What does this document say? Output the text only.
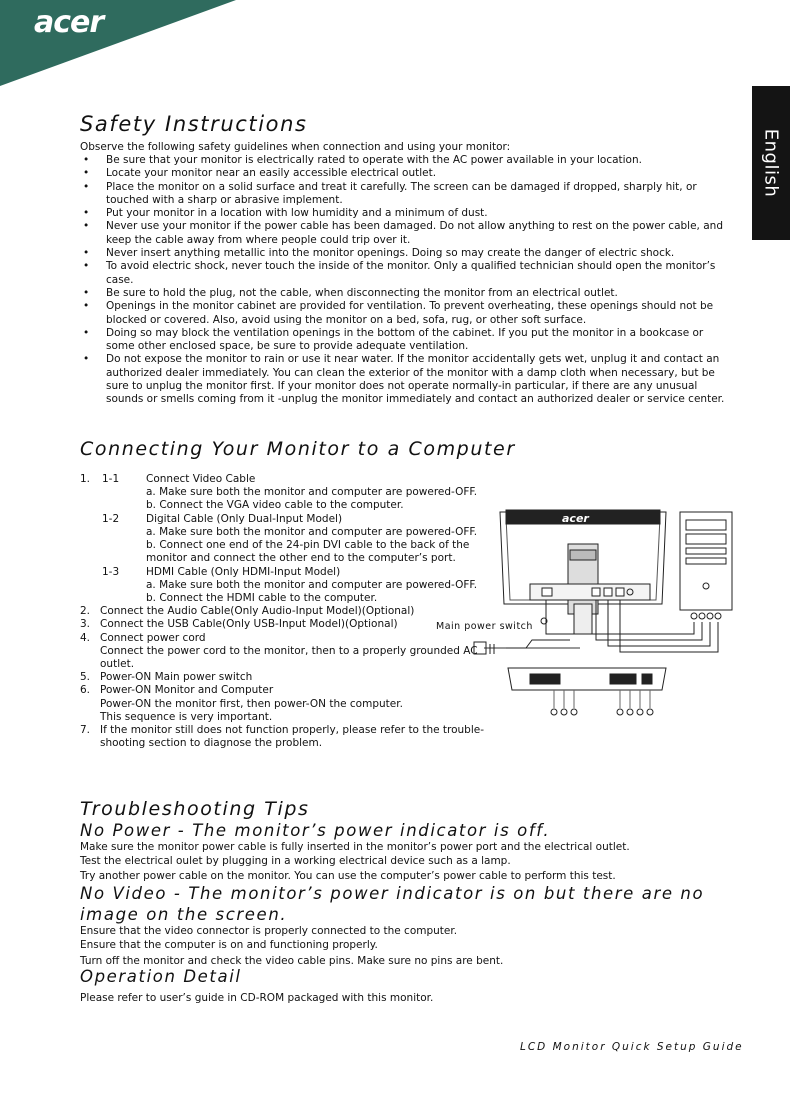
acer
English
Safety Instructions
Observe the following safety guidelines when connection and using your monitor:
• Be sure that your monitor is electrically rated to operate with the AC power available in your location.
• Locate your monitor near an easily accessible electrical outlet.
• Place the monitor on a solid surface and treat it carefully. The screen can be damaged if dropped, sharply hit, or touched with a sharp or abrasive implement.
• Put your monitor in a location with low humidity and a minimum of dust.
• Never use your monitor if the power cable has been damaged. Do not allow anything to rest on the power cable, and keep the cable away from where people could trip over it.
• Never insert anything metallic into the monitor openings. Doing so may create the danger of electric shock.
• To avoid electric shock, never touch the inside of the monitor. Only a qualified technician should open the monitor’s case.
• Be sure to hold the plug, not the cable, when disconnecting the monitor from an electrical outlet.
• Openings in the monitor cabinet are provided for ventilation. To prevent overheating, these openings should not be blocked or covered. Also, avoid using the monitor on a bed, sofa, rug, or other soft surface.
• Doing so may block the ventilation openings in the bottom of the cabinet. If you put the monitor in a bookcase or some other enclosed space, be sure to provide adequate ventilation.
• Do not expose the monitor to rain or use it near water. If the monitor accidentally gets wet, unplug it and contact an authorized dealer immediately. You can clean the exterior of the monitor with a damp cloth when necessary, but be sure to unplug the monitor first. If your monitor does not operate normally-in particular, if there are any unusual sounds or smells coming from it -unplug the monitor immediately and contact an authorized dealer or service center.
Connecting Your Monitor to a Computer
1. 1-1	Connect Video Cable
a. Make sure both the monitor and computer are powered-OFF.
b. Connect the VGA video cable to the computer.
1-2	Digital Cable (Only Dual-Input Model)
a. Make sure both the monitor and computer are powered-OFF.
b. Connect one end of the 24-pin DVI cable to the back of the
monitor and connect the other end to the computer’s port.
1-3	HDMI Cable (Only HDMI-Input Model)
a. Make sure both the monitor and computer are powered-OFF.
b. Connect the HDMI cable to the computer.
2. Connect the Audio Cable(Only Audio-Input Model)(Optional)
3. Connect the USB Cable(Only USB-Input Model)(Optional)
4. Connect power cord
Connect the power cord to the monitor, then to a properly grounded AC
outlet.
5. Power-ON Main power switch
6. Power-ON Monitor and Computer
Power-ON the monitor first, then power-ON the computer.
This sequence is very important.
7. If the monitor still does not function properly, please refer to the trouble-
shooting section to diagnose the problem.
acer
Main power switch
Troubleshooting Tips
No Power - The monitor’s power indicator is off.
Make sure the monitor power cable is fully inserted in the monitor’s power port and the electrical outlet.
Test the electrical oulet by plugging in a working electrical device such as a lamp.
Try another power cable on the monitor. You can use the computer’s power cable to perform this test.
No Video - The monitor’s power indicator is on but there are no
image on the screen.
Ensure that the video connector is properly connected to the computer.
Ensure that the computer is on and functioning properly.
Turn off the monitor and check the video cable pins. Make sure no pins are bent.
Operation Detail
Please refer to user’s guide in CD-ROM packaged with this monitor.
LCD Monitor Quick Setup Guide
